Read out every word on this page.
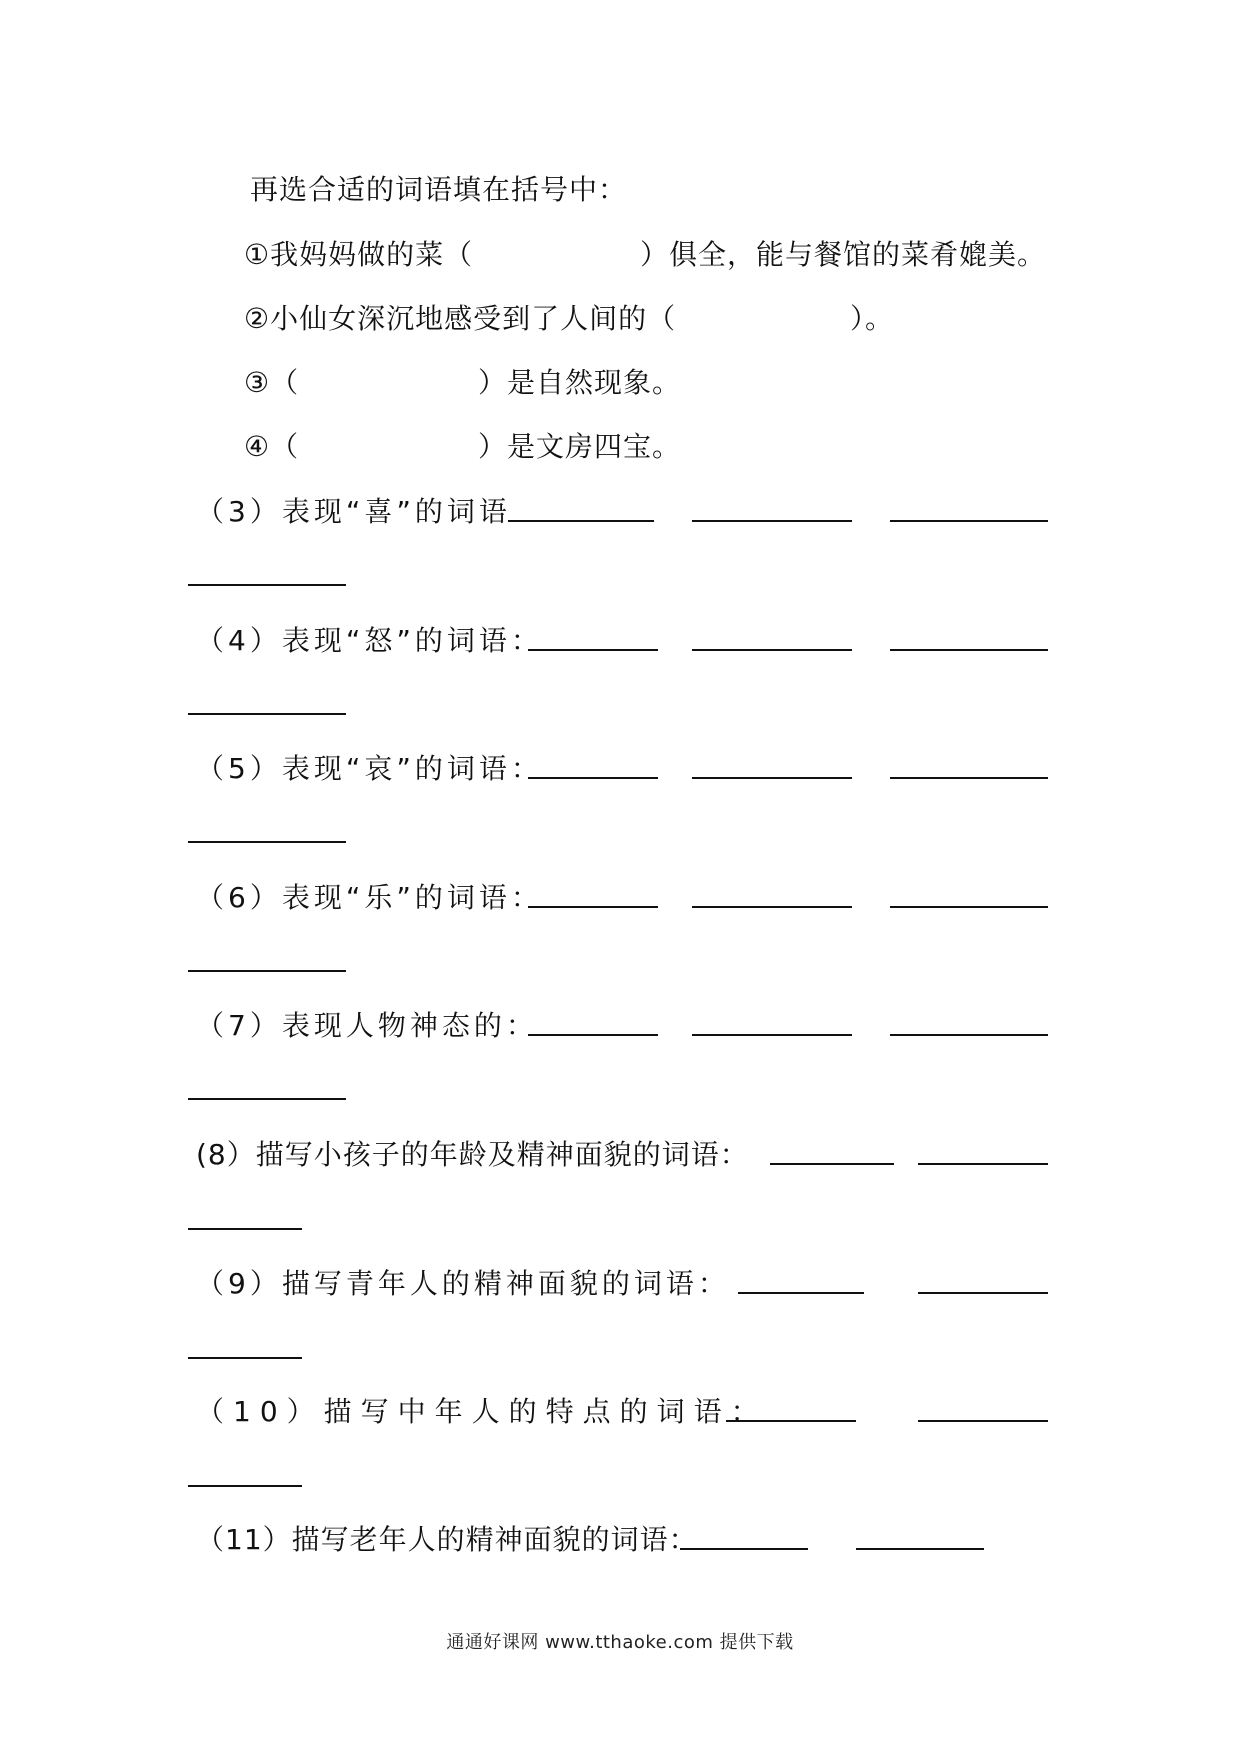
再选合适的词语填在括号中：
①我妈妈做的菜（	）俱全，能与餐馆的菜肴媲美。
②小仙女深沉地感受到了人间的（	）。
③（	）是自然现象。
④（	）是文房四宝。
（3）表现“喜”的词语
（4）表现“怒”的词语：
（5）表现“哀”的词语：
（6）表现“乐”的词语：
（7）表现人物神态的：
(8）描写小孩子的年龄及精神面貌的词语：
（9）描写青年人的精神面貌的词语：
（10）描写中年人的特点的词语：
（11）描写老年人的精神面貌的词语：
通通好课网 www.tthaoke.com 提供下载
